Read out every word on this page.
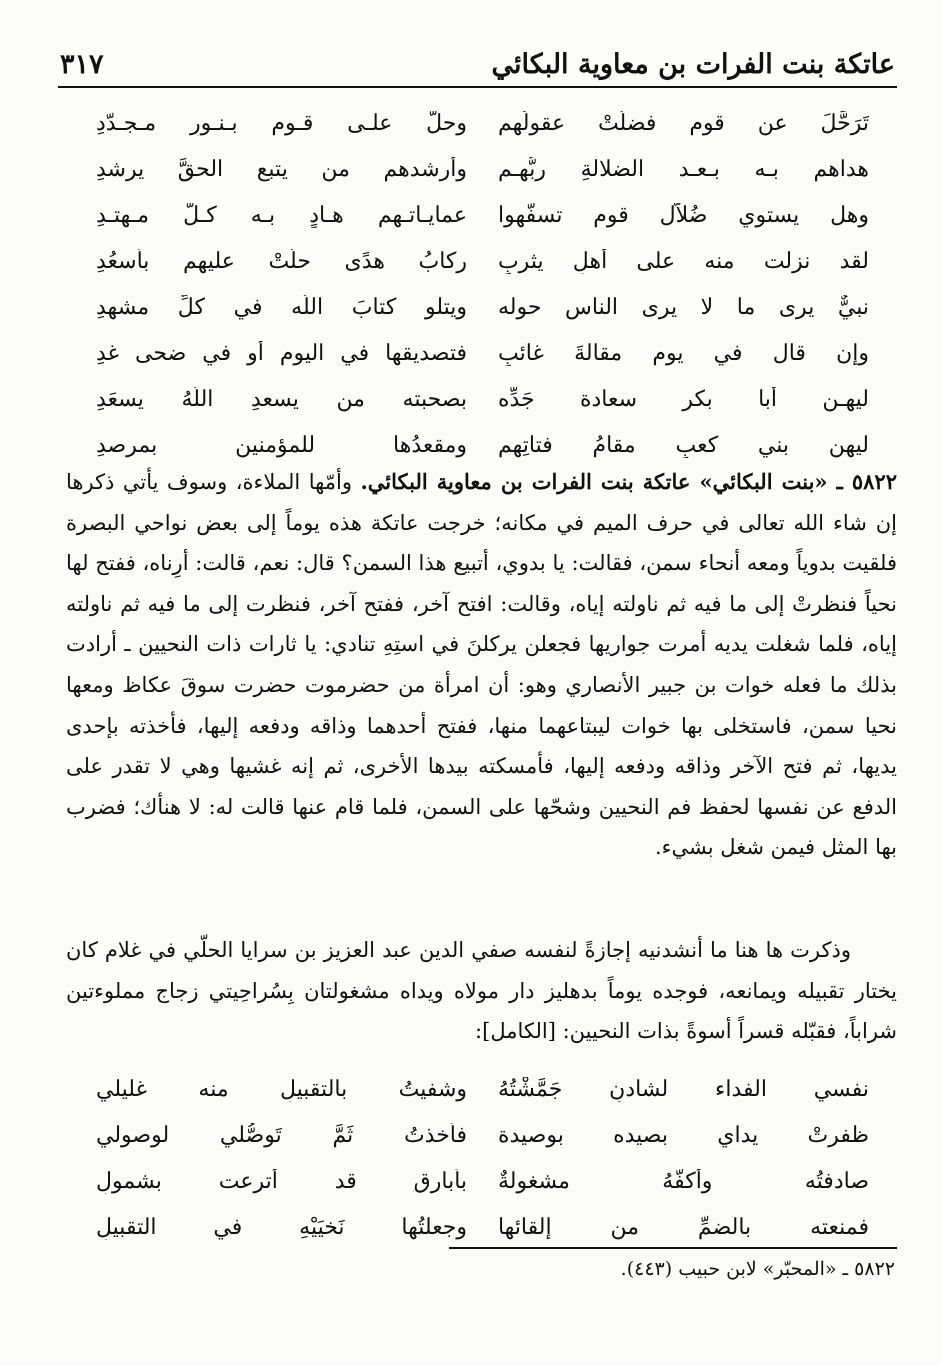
عاتكة بنت الفرات بن معاوية البكائي
٣١٧
تَرَحَّلَ عن قوم فضلَّتْ عقولُهم
وحلَّ علـى قـوم بـنـورٍ مـجـدّدِ
هداهم بـه بـعـد الضلالةِ ربُّهـم
وأرشدهم من يتبعِ الحقَّ يرشدِ
وهل يستوي ضُلاَّل قوم تسفَّهوا
عمايـاتـهم هـادٍ بـه كـلّ مـهتـدِ
لقد نزلت منه على أهلِ يثربٍ
ركابُ هدًى حلَّتْ عليهم بأسعُدِ
نبيٌّ يرى ما لا يرى الناس حوله
ويتلو كتابَ اللّه في كلِّ مشهدِ
وإن قال في يوم مقالةَ غائبٍ
فتصديقها في اليوم أو في ضحى غدِ
ليهـنِ أبا بكر سعادة جَدِّه
بصحبته من يسعدِ اللَّهُ يسعَدِ
ليهنِ بني كعبٍ مقامُ فتاتِهم
ومقعدُها للمؤمنين بمرصدِ

٥٨٢٢ ـ «بنت البكائي» عاتكة بنت الفرات بن معاوية البكائي. وأمّها الملاءة، وسوف يأتي ذكرها إن شاء الله تعالى في حرف الميم في مكانه؛ خرجت عاتكة هذه يوماً إلى بعض نواحي البصرة فلقيت بدوياً ومعه أنحاء سمن، فقالت: يا بدوي، أتبيع هذا السمن؟ قال: نعم، قالت: أرِناه، ففتح لها نحياً فنظرتْ إلى ما فيه ثم ناولته إياه، وقالت: افتح آخر، ففتح آخر، فنظرت إلى ما فيه ثم ناولته إياه، فلما شغلت يديه أمرت جواريها فجعلن يركلنَ في استِهِ تنادي: يا ثارات ذات النحيين ـ أرادت بذلك ما فعله خوات بن جبير الأنصاري وهو: أن امرأة من حضرموت حضرت سوقَ عكاظ ومعها نحيا سمن، فاستخلى بها خوات ليبتاعهما منها، ففتح أحدهما وذاقه ودفعه إليها، فأخذته بإحدى يديها، ثم فتح الآخر وذاقه ودفعه إليها، فأمسكته بيدها الأخرى، ثم إنه غشيها وهي لا تقدر على الدفع عن نفسها لحفظ فم النحيين وشحّها على السمن، فلما قام عنها قالت له: لا هنأك؛ فضرب بها المثل فيمن شغل بشيء.

وذكرت ها هنا ما أنشدنيه إجازةً لنفسه صفي الدين عبد العزيز بن سرايا الحلّي في غلام كان يختار تقبيله ويمانعه، فوجده يوماً بدهليز دار مولاه ويداه مشغولتان بِسُراحِيتي زجاج مملوءتين شراباً، فقبّله قسراً أسوةً بذات النحيين: [الكامل]:

نفسي الفداء لشادنٍ جَمَّشْتُهُ
وشفيتُ بالتقبيلِ منه غليلي
ظفرتْ يداي بصيده بوصيدة
فأخذتُ ثَمَّ تَوصُّلي لوصولي
صادفتُه وأكفُّهُ مشغولةٌ
بأبارقٍ قد أُترعت بشمولِ
فمنعته بالضمِّ من إلقائها
وجعلتُها نَخيَيْهِ في التقبيلِ
٥٨٢٢ ـ «المحبّر» لابن حبيب (٤٤٣).
